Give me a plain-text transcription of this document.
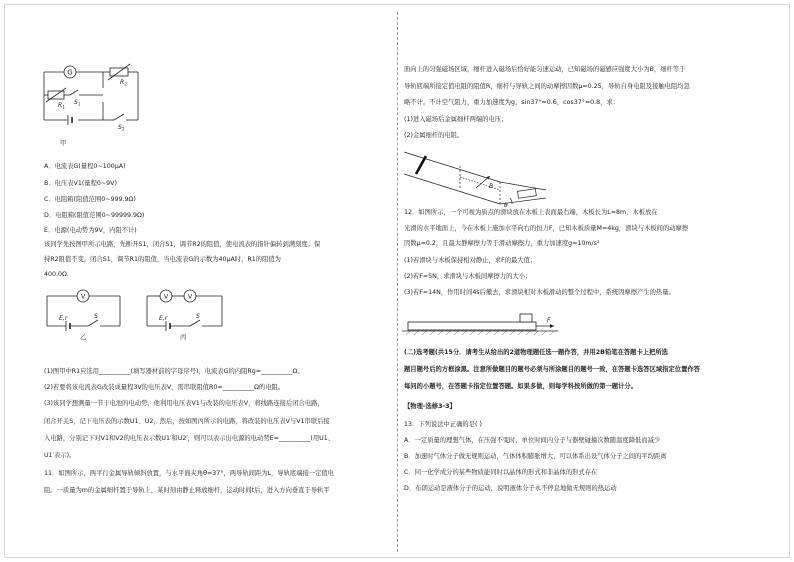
G
R 1
S 1
R 2
S 2
甲
A．电流表G(量程0~100μA)
B．电压表V1(量程0~9V)
C．电阻箱(阻值范围0~999.9Ω)
D．电阻箱(阻值范围0~99999.9Ω)
E．电源(电动势为9V，内阻不计)
该同学先按图甲所示电路，先断开S1，闭合S1，调节R2的阻值，使电流表的指针偏转到满刻度；保
持R2阻值不变，闭合S1，调节R1的阻值，当电流表G的示数为40μA时，R1的阻值为
400.0Ω.
V
E,r	S
乙
V	V
E,r	S
丙
(1)图甲中R1应选用__________(填写器材前的字母序号)，电流表G的内阻Rg=__________Ω。
(2)若要将该电流表G改装成量程3V的电压表V，需串联阻值R0=__________Ω的电阻。
(3)该同学想测量一节干电池的电动势，他利用电压表V1与改装的电压表V，将线路连接后闭合电路，
闭合开关S，记下电压表的示数U1、U2，然后，按如图丙所示的电路，将改装的电压表V与V1串联后接
入电路，分别记下对V1和V2的电压表示数U1′和U2′，则可以表示出电源的电动势E=__________(用U1、
U1′表示)。
11．如图所示，两平行金属导轨倾斜放置，与水平面夹角θ=37°，两导轨间距为L，导轨底端接一定值电
阻。一质量为m的金属细杆置于导轨上，某时刻由静止释放细杆，运动时间t后，进入方向垂直于导轨平
面向上的匀强磁场区域，细杆进入磁场后恰好能匀速运动，已知磁场的磁感应强度大小为B，细杆等于
导轨底端所接定值电阻的阻值R，细杆与导轨之间的动摩擦因数μ=0.25，导轨自身电阻及接触电阻均忽
略不计。不计空气阻力，重力加速度为g，sin37°=0.6，cos37°=0.8，求：
(1)进入磁场后金属细杆两端的电压；
(2)金属细杆的电阻。
B
θ
12．如图所示，一个可视为质点的滑块放在木板上表面最右端，木板长为L=8m，木板放在
光滑的水平地面上，今在木板上施加水平向右的恒力F，已知木板质量M=4kg，滑块与木板间的动摩擦
因数μ=0.2，且最大静摩擦力等于滑动摩擦力，重力加速度g=10m/s²
(1)若滑块与木板保持相对静止，求F的最大值；
(2)若F=5N，求滑块与木板间摩擦力的大小；
(3)若F=14N，作用时间4s后撤去，求滑块相对木板滑动的整个过程中，系统因摩擦产生的热量。
F
(二)选考题(共15分．请考生从给出的2道物理题任选一题作答，并用2B铅笔在答题卡上把所选
题目题号后的方框涂黑。注意所做题目的题号必须与所涂题目的题号一致，在答题卡选答区域指定位置作答
每问的小题号，在答题卡指定位置答题。如果多做，则每学科按所做的第一题计分。
【物理-选修3-3】
13．下列说法中正确的是( )
A．一定质量的理想气体，在压强不变时，单位时间内分子与器壁碰撞次数随温度降低而减少
B．加速时气体分子做无规则运动，气体体积膨胀增大，可以体系出设气体分子之间的平均距离
C．同一化学成分的某些物质能同时以晶体的形式和非晶体的形式存在
D．布朗运动是液体分子的运动，说明液体分子永不停息地做无规则的热运动
